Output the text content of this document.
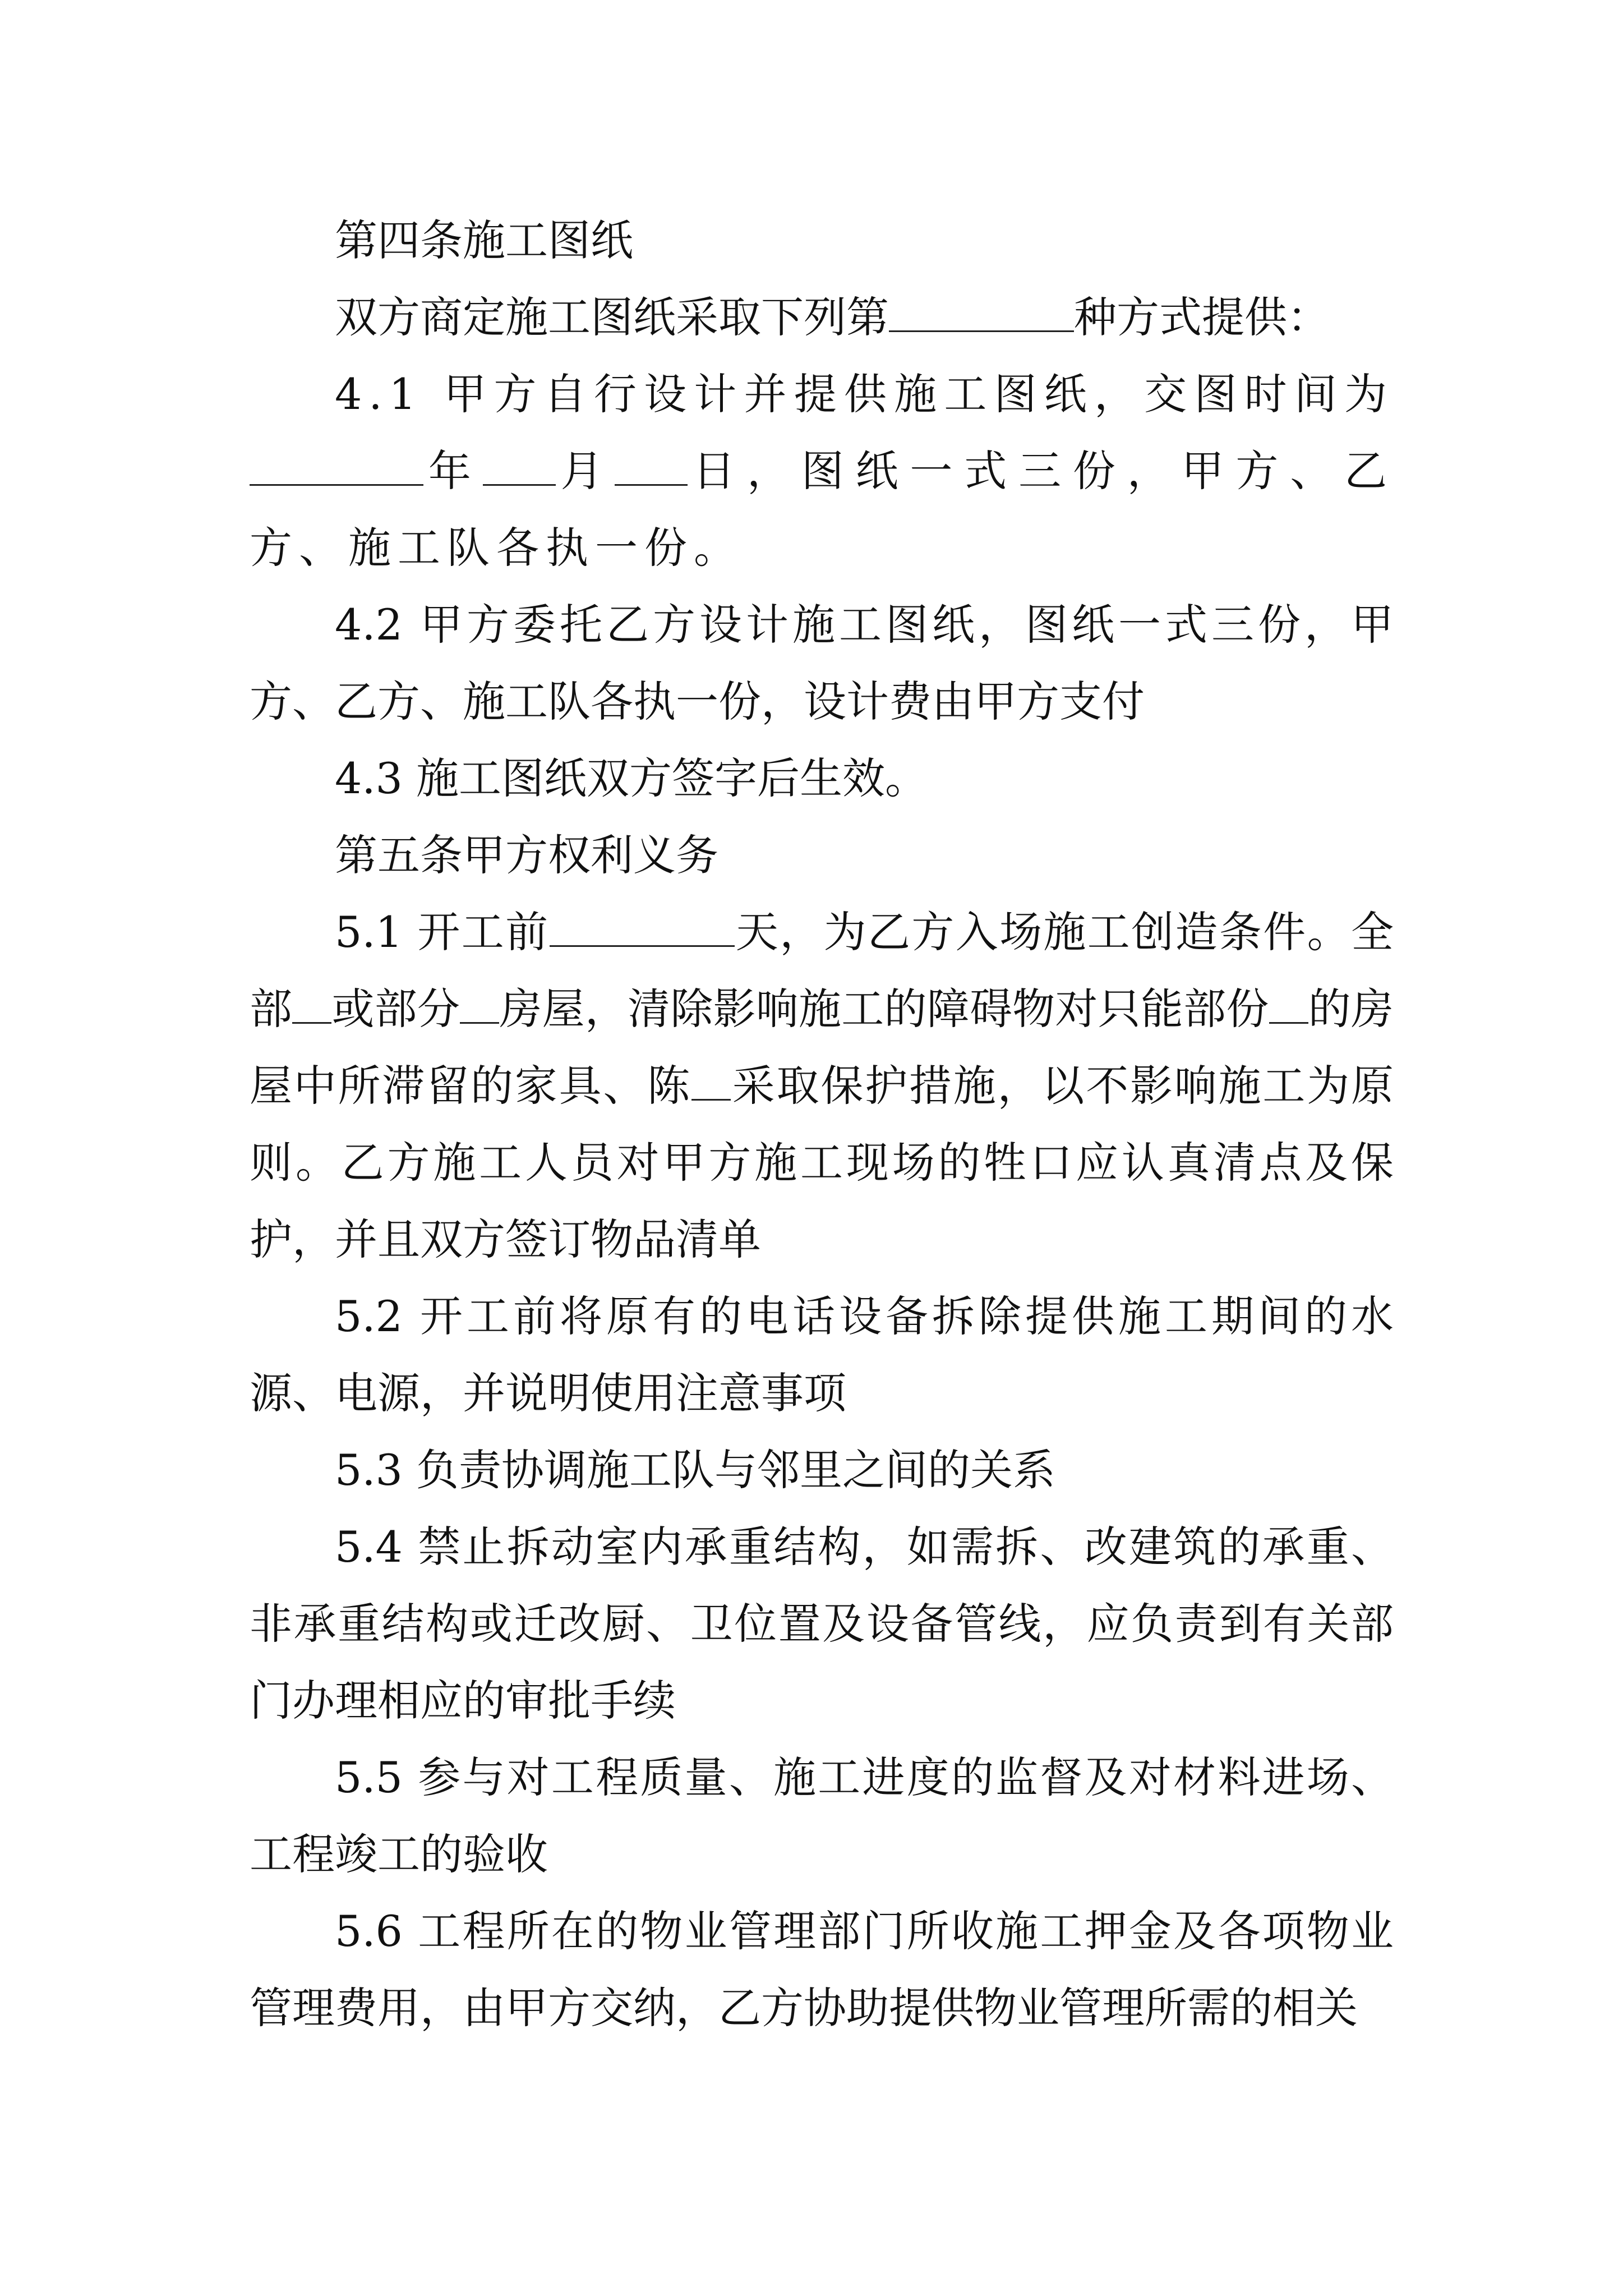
第四条施工图纸

双方商定施工图纸采取下列第	种方式提供：

4.1 甲方自行设计并提供施工图纸，交图时间为年 月 日，图纸一式三份，甲方、乙方、施工队各执一份。

4.2 甲方委托乙方设计施工图纸，图纸一式三份，甲方、乙方、施工队各执一份，设计费由甲方支付

4.3 施工图纸双方签字后生效。

第五条甲方权利义务

5.1 开工前	天，为乙方入场施工创造条件。全部 或部分 房屋，清除影响施工的障碍物对只能部份 的房屋中所滞留的家具、陈 采取保护措施，以不影响施工为原则。乙方施工人员对甲方施工现场的牲口应认真清点及保护，并且双方签订物品清单

5.2 开工前将原有的电话设备拆除提供施工期间的水源、电源，并说明使用注意事项

5.3 负责协调施工队与邻里之间的关系

5.4 禁止拆动室内承重结构，如需拆、改建筑的承重、非承重结构或迁改厨、卫位置及设备管线，应负责到有关部门办理相应的审批手续

5.5 参与对工程质量、施工进度的监督及对材料进场、工程竣工的验收

5.6 工程所在的物业管理部门所收施工押金及各项物业管理费用，由甲方交纳，乙方协助提供物业管理所需的相关
